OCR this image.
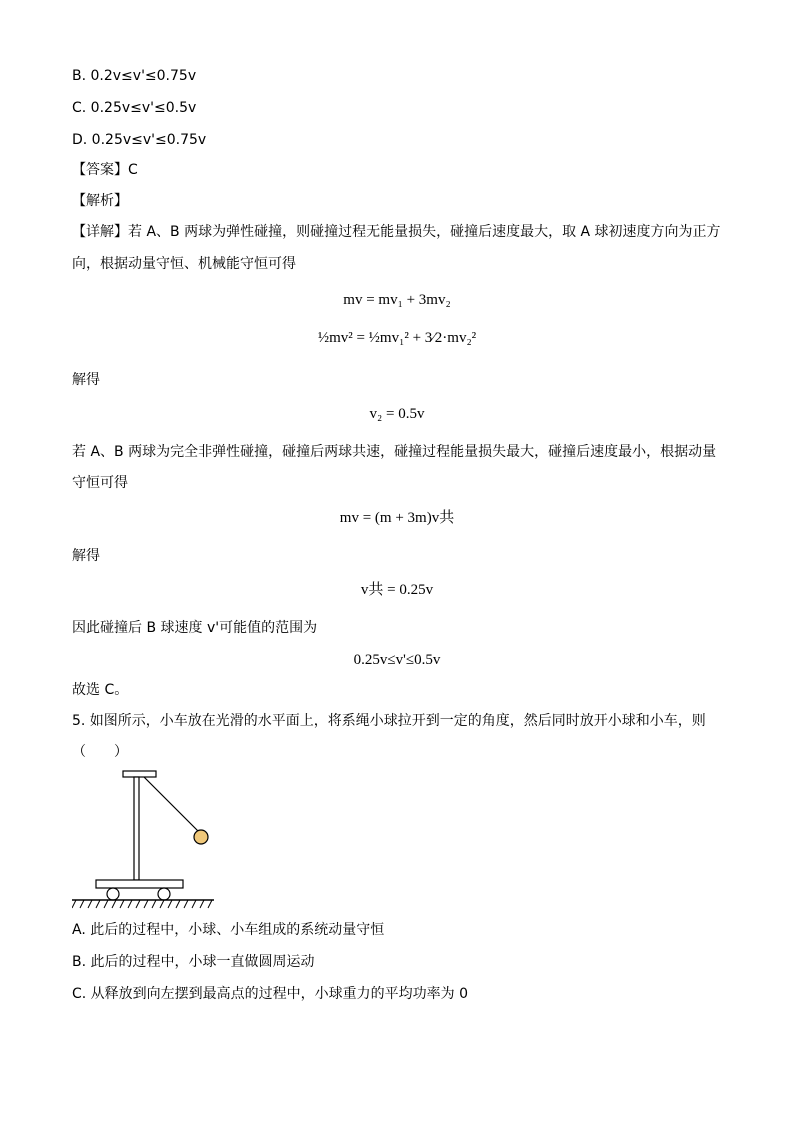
B. 0.2v≤v'≤0.75v
C. 0.25v≤v'≤0.5v
D. 0.25v≤v'≤0.75v
【答案】C
【解析】
【详解】若 A、B 两球为弹性碰撞，则碰撞过程无能量损失，碰撞后速度最大，取 A 球初速度方向为正方
向，根据动量守恒、机械能守恒可得
mv = mv₁ + 3mv₂
½mv² = ½mv₁² + 3⁄2·mv₂²
解得
v₂ = 0.5v
若 A、B 两球为完全非弹性碰撞，碰撞后两球共速，碰撞过程能量损失最大，碰撞后速度最小，根据动量
守恒可得
mv = (m + 3m)v共
解得
v共 = 0.25v
因此碰撞后 B 球速度 v'可能值的范围为
0.25v≤v'≤0.5v
故选 C。
5. 如图所示，小车放在光滑的水平面上，将系绳小球拉开到一定的角度，然后同时放开小球和小车，则
（　　）
A. 此后的过程中，小球、小车组成的系统动量守恒
B. 此后的过程中，小球一直做圆周运动
C. 从释放到向左摆到最高点的过程中，小球重力的平均功率为 0
